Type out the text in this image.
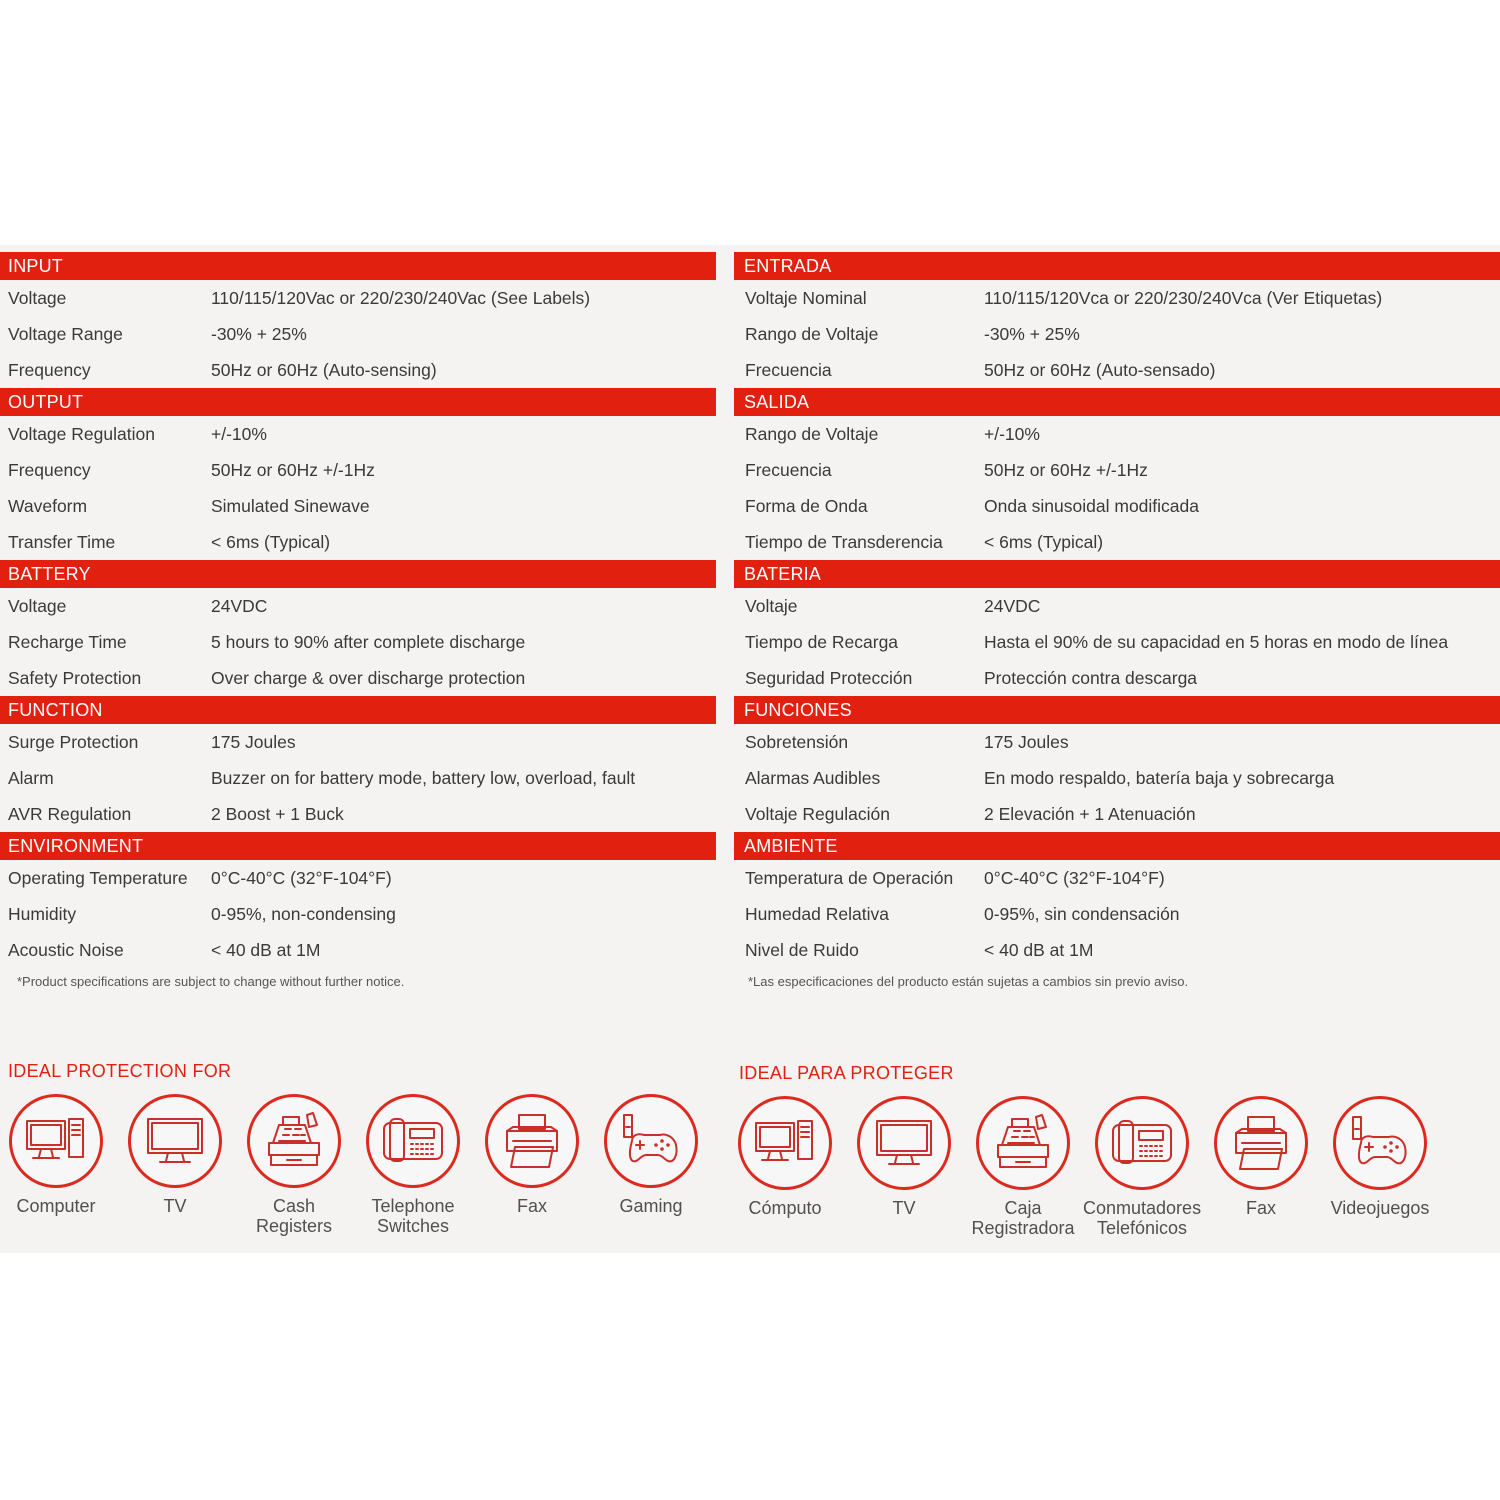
INPUT
Voltage	110/115/120Vac or 220/230/240Vac (See Labels)
Voltage Range	-30% + 25%
Frequency	50Hz or 60Hz (Auto-sensing)
OUTPUT
Voltage Regulation	+/-10%
Frequency	50Hz or 60Hz +/-1Hz
Waveform	Simulated Sinewave
Transfer Time	< 6ms (Typical)
BATTERY
Voltage	24VDC
Recharge Time	5 hours to 90% after complete discharge
Safety Protection	Over charge & over discharge protection
FUNCTION
Surge Protection	175 Joules
Alarm	Buzzer on for battery mode, battery low, overload, fault
AVR Regulation	2 Boost + 1 Buck
ENVIRONMENT
Operating Temperature 0°C-40°C (32°F-104°F)
Humidity	0-95%, non-condensing
Acoustic Noise	< 40 dB at 1M
*Product specifications are subject to change without further notice.
ENTRADA
Voltaje Nominal	110/115/120Vca or 220/230/240Vca (Ver Etiquetas)
Rango de Voltaje	-30% + 25%
Frecuencia	50Hz or 60Hz (Auto-sensado)
SALIDA
Rango de Voltaje	+/-10%
Frecuencia	50Hz or 60Hz +/-1Hz
Forma de Onda	Onda sinusoidal modificada
Tiempo de Transderencia < 6ms (Typical)
BATERIA
Voltaje	24VDC
Tiempo de Recarga	Hasta el 90% de su capacidad en 5 horas en modo de línea
Seguridad Protección	Protección contra descarga
FUNCIONES
Sobretensión	175 Joules
Alarmas Audibles	En modo respaldo, batería baja y sobrecarga
Voltaje Regulación	2 Elevación + 1 Atenuación
AMBIENTE
Temperatura de Operación 0°C-40°C (32°F-104°F)
Humedad Relativa	0-95%, sin condensación
Nivel de Ruido	< 40 dB at 1M
*Las especificaciones del producto están sujetas a cambios sin previo aviso.
IDEAL PROTECTION FOR	IDEAL PARA PROTEGER
Computer	TV	Cash
Registers
Telephone
Switches
Fax	Gaming	Cómputo	TV	Caja
Registradora
Conmutadores
Telefónicos
Fax	Videojuegos
